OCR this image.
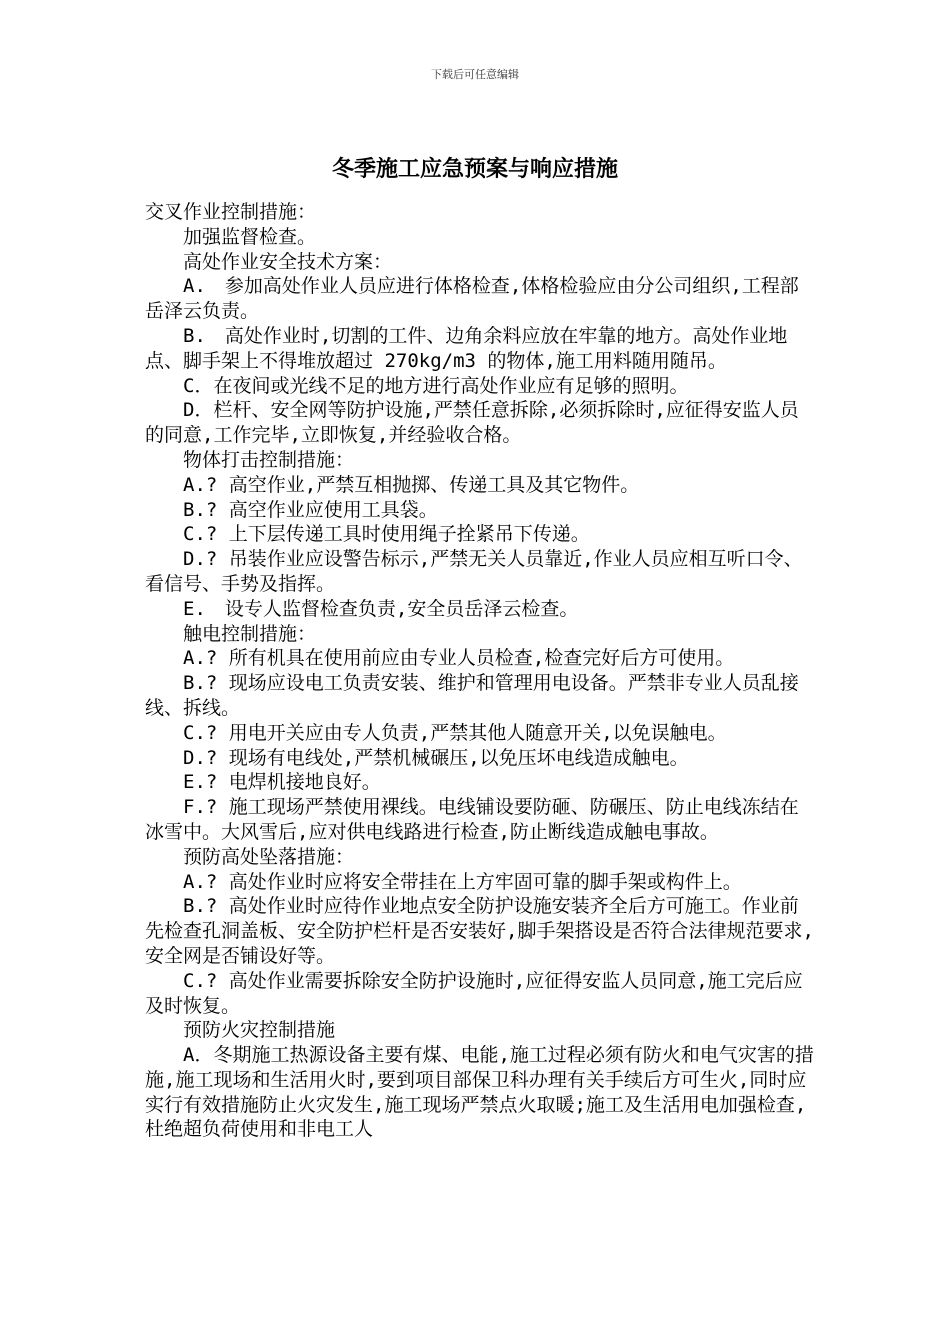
下载后可任意编辑
冬季施工应急预案与响应措施

交叉作业控制措施：

加强监督检查。

高处作业安全技术方案：

A.　参加高处作业人员应进行体格检查,体格检验应由分公司组织,工程部岳泽云负责。

B.　高处作业时,切割的工件、边角余料应放在牢靠的地方。高处作业地点、脚手架上不得堆放超过 270kg/m3 的物体,施工用料随用随吊。

C．在夜间或光线不足的地方进行高处作业应有足够的照明。

D．栏杆、安全网等防护设施,严禁任意拆除,必须拆除时,应征得安监人员的同意,工作完毕,立即恢复,并经验收合格。

物体打击控制措施：

A.? 高空作业,严禁互相抛掷、传递工具及其它物件。

B.? 高空作业应使用工具袋。

C.? 上下层传递工具时使用绳子拴紧吊下传递。

D.? 吊装作业应设警告标示,严禁无关人员靠近,作业人员应相互听口令、看信号、手势及指挥。

E.　设专人监督检查负责,安全员岳泽云检查。

触电控制措施：

A.? 所有机具在使用前应由专业人员检查,检查完好后方可使用。

B.? 现场应设电工负责安装、维护和管理用电设备。严禁非专业人员乱接线、拆线。

C.? 用电开关应由专人负责,严禁其他人随意开关,以免误触电。

D.? 现场有电线处,严禁机械碾压,以免压坏电线造成触电。

E.? 电焊机接地良好。

F.? 施工现场严禁使用裸线。电线铺设要防砸、防碾压、防止电线冻结在冰雪中。大风雪后,应对供电线路进行检查,防止断线造成触电事故。

预防高处坠落措施：

A.? 高处作业时应将安全带挂在上方牢固可靠的脚手架或构件上。

B.? 高处作业时应待作业地点安全防护设施安装齐全后方可施工。作业前先检查孔洞盖板、安全防护栏杆是否安装好,脚手架搭设是否符合法律规范要求,安全网是否铺设好等。

C.? 高处作业需要拆除安全防护设施时,应征得安监人员同意,施工完后应及时恢复。

预防火灾控制措施

A．冬期施工热源设备主要有煤、电能,施工过程必须有防火和电气灾害的措施,施工现场和生活用火时,要到项目部保卫科办理有关手续后方可生火,同时应实行有效措施防止火灾发生,施工现场严禁点火取暖;施工及生活用电加强检查,杜绝超负荷使用和非电工人
